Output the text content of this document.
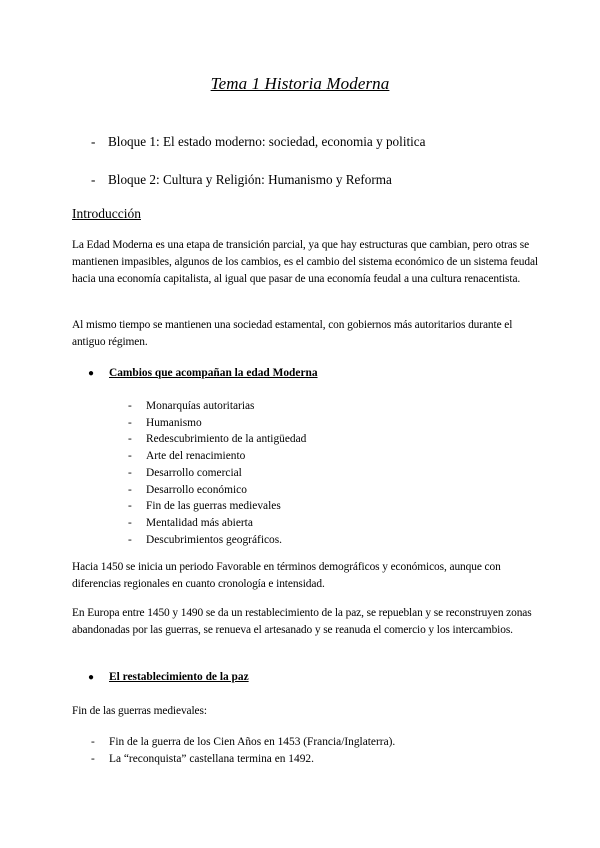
Tema 1 Historia Moderna
- Bloque 1: El estado moderno: sociedad, economia y politica
- Bloque 2: Cultura y Religión: Humanismo y Reforma
Introducción
La Edad Moderna es una etapa de transición parcial, ya que hay estructuras que cambian, pero otras se mantienen impasibles, algunos de los cambios, es el cambio del sistema económico de un sistema feudal hacia una economía capitalista, al igual que pasar de una economía feudal a una cultura renacentista.
Al mismo tiempo se mantienen una sociedad estamental, con gobiernos más autoritarios durante el antiguo régimen.
● Cambios que acompañan la edad Moderna
- Monarquías autoritarias
- Humanismo
- Redescubrimiento de la antigüedad
- Arte del renacimiento
- Desarrollo comercial
- Desarrollo económico
- Fin de las guerras medievales
- Mentalidad más abierta
- Descubrimientos geográficos.
Hacia 1450 se inicia un periodo Favorable en términos demográficos y económicos, aunque con diferencias regionales en cuanto cronología e intensidad.
En Europa entre 1450 y 1490 se da un restablecimiento de la paz, se repueblan y se reconstruyen zonas abandonadas por las guerras, se renueva el artesanado y se reanuda el comercio y los intercambios.
● El restablecimiento de la paz
Fin de las guerras medievales:
- Fin de la guerra de los Cien Años en 1453 (Francia/Inglaterra).
- La “reconquista” castellana termina en 1492.
